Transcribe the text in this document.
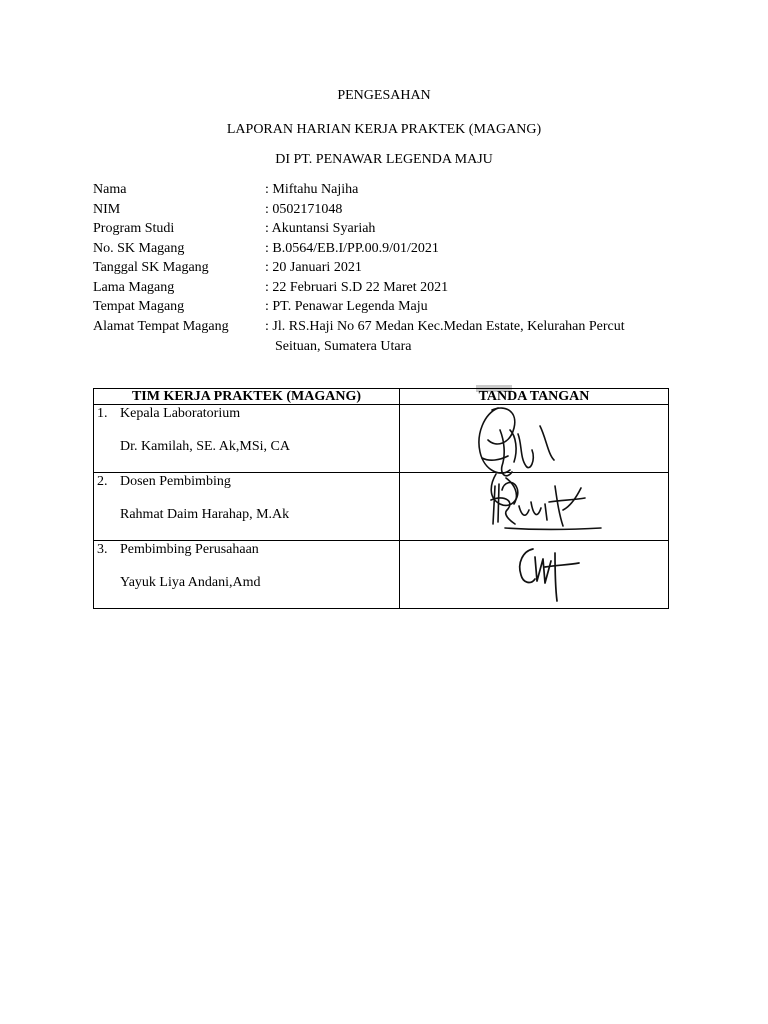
PENGESAHAN
LAPORAN HARIAN KERJA PRAKTEK (MAGANG)
DI PT. PENAWAR LEGENDA MAJU
Nama	: Miftahu Najiha
NIM	: 0502171048
Program Studi	: Akuntansi Syariah
No. SK Magang	: B.0564/EB.I/PP.00.9/01/2021
Tanggal SK Magang	: 20 Januari 2021
Lama Magang	: 22 Februari S.D 22 Maret 2021
Tempat Magang	: PT. Penawar Legenda Maju
Alamat Tempat Magang	: Jl. RS.Haji No 67 Medan Kec.Medan Estate, Kelurahan Percut
Seituan, Sumatera Utara
TIM KERJA PRAKTEK (MAGANG)	TANDA TANGAN

1. Kepala Laboratorium
Dr. Kamilah, SE. Ak,MSi, CA	

2. Dosen Pembimbing
Rahmat Daim Harahap, M.Ak	

3. Pembimbing Perusahaan
Yayuk Liya Andani,Amd	
